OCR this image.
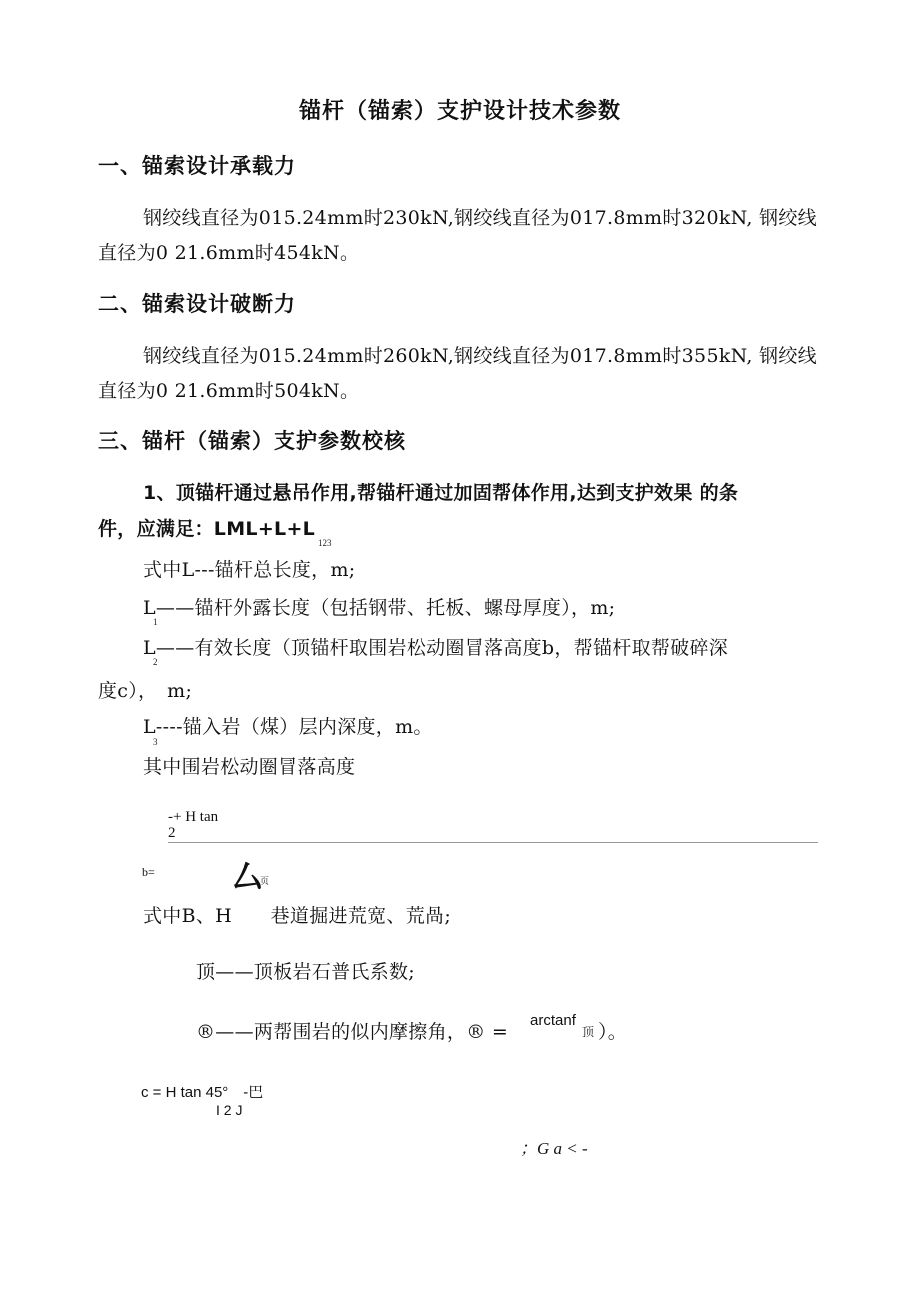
锚杆（锚索）支护设计技术参数
一、锚索设计承载力
钢绞线直径为015.24mm时230kN,钢绞线直径为017.8mm时320kN, 钢绞线
直径为0 21.6mm时454kN。
二、锚索设计破断力
钢绞线直径为015.24mm时260kN,钢绞线直径为017.8mm时355kN, 钢绞线
直径为0 21.6mm时504kN。
三、锚杆（锚索）支护参数校核
1、顶锚杆通过悬吊作用,帮锚杆通过加固帮体作用,达到支护效果 的条
件，应满足：LML+L+L
123
式中L---锚杆总长度，m;
L——锚杆外露长度（包括钢带、托板、螺母厚度），m;
1
L——有效长度（顶锚杆取围岩松动圈冒落高度b，帮锚杆取帮破碎深
2
度c），　m;
L----锚入岩（煤）层内深度，m。
3
其中围岩松动圈冒落高度
-+ H tan
2
b=	厶
页
式中B、H　　巷道掘进荒宽、荒咼;
顶——顶板岩石普氏系数;
®——两帮围岩的似内摩擦角，® =
arctanf
顶 ）。
c = H tan 45°　-巴
I 2 J
；G a < -
